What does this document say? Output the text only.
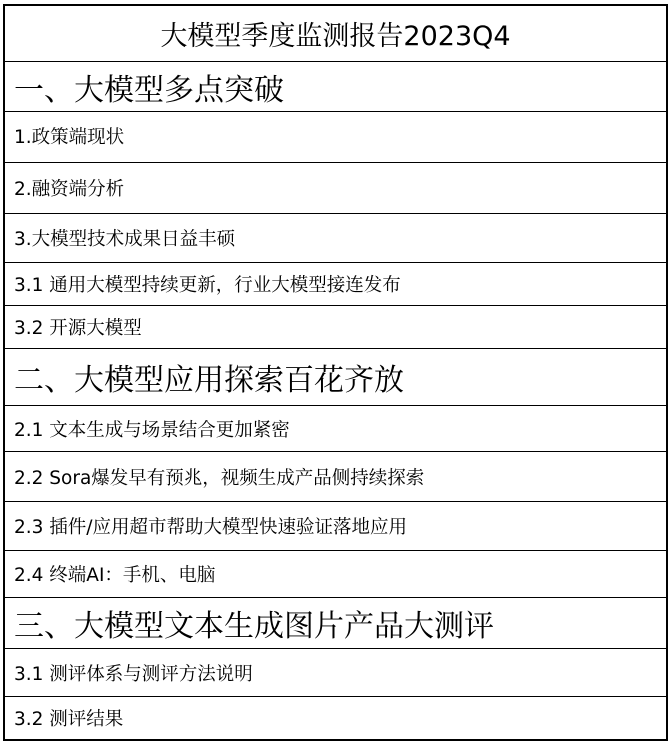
大模型季度监测报告2023Q4
一、大模型多点突破
1.政策端现状
2.融资端分析
3.大模型技术成果日益丰硕
3.1 通用大模型持续更新，行业大模型接连发布
3.2 开源大模型
二、大模型应用探索百花齐放
2.1 文本生成与场景结合更加紧密
2.2 Sora爆发早有预兆，视频生成产品侧持续探索
2.3 插件/应用超市帮助大模型快速验证落地应用
2.4 终端AI：手机、电脑
三、大模型文本生成图片产品大测评
3.1 测评体系与测评方法说明
3.2 测评结果
